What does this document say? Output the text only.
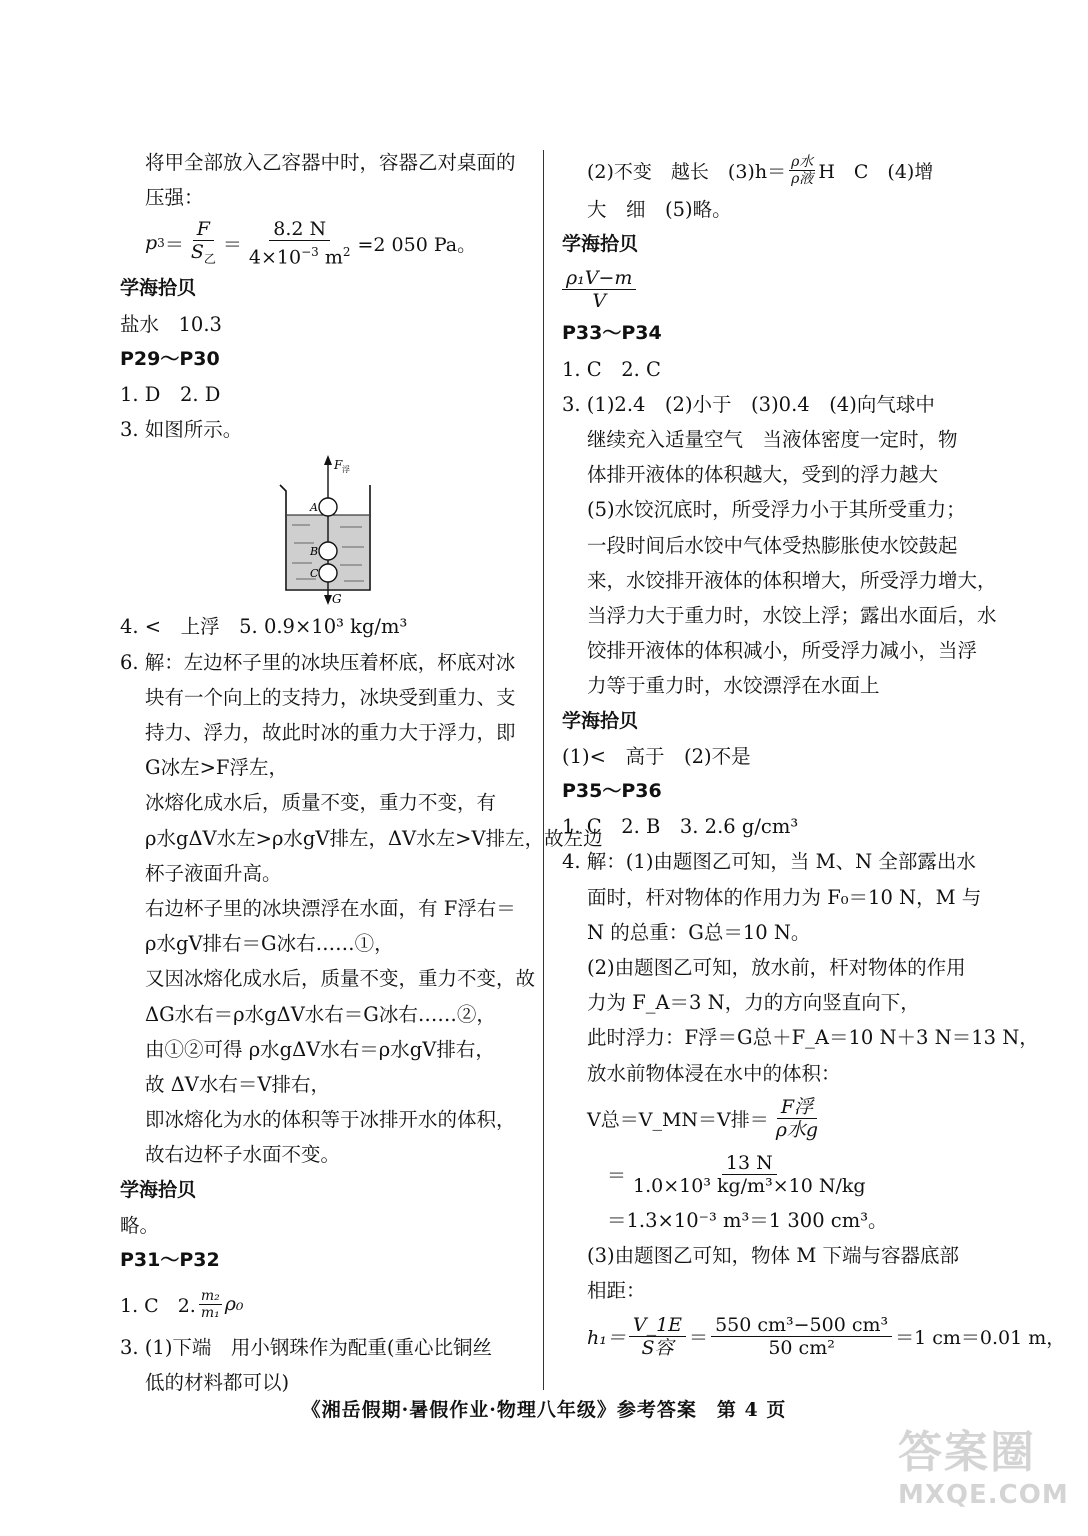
将甲全部放入乙容器中时，容器乙对桌面的
压强：
p $3 = \frac{F}{S_乙} = \frac{8.2 N}{4\times 10^{-3} m^2} =2$ 050 Pa。
学海拾贝
盐水　10.3
P29～P30
1. D　2. D
3. 如图所示。
F 浮
A
B
C
G
4. <　上浮　5. 0.9×10³ kg/m³
6. 解：左边杯子里的冰块压着杯底，杯底对冰
块有一个向上的支持力，冰块受到重力、支
持力、浮力，故此时冰的重力大于浮力，即
G冰左>F浮左，
冰熔化成水后，质量不变，重力不变，有
ρ水gΔV水左>ρ水gV排左，ΔV水左>V排左，故左边
杯子液面升高。
右边杯子里的冰块漂浮在水面，有 F浮右＝
ρ水gV排右＝G冰右……①，
又因冰熔化成水后，质量不变，重力不变，故
ΔG水右＝ρ水gΔV水右＝G冰右……②，
由①②可得 ρ水gΔV水右＝ρ水gV排右，
故 ΔV水右＝V排右，
即冰熔化为水的体积等于冰排开水的体积，
故右边杯子水面不变。
学海拾贝
略。
P31～P32
1. C　2. $\frac{\text{m₂}}{\text{m₁}} \rho_0$
3. (1)下端　用小钢珠作为配重(重心比铜丝
低的材料都可以)
(2)不变　越长　$(3)h= \frac{\text{ρ水}}{\text{ρ液}}$ H　C　(4)增
大　细　(5)略。
学海拾贝
$\frac{\text{ρ₁V−m}}{V}$
P33～P34
1. C　2. C
3. (1)2.4　(2)小于　(3)0.4　(4)向气球中
继续充入适量空气　当液体密度一定时，物
体排开液体的体积越大，受到的浮力越大
(5)水饺沉底时，所受浮力小于其所受重力；
一段时间后水饺中气体受热膨胀使水饺鼓起
来，水饺排开液体的体积增大，所受浮力增大，
当浮力大于重力时，水饺上浮；露出水面后，水
饺排开液体的体积减小，所受浮力减小，当浮
力等于重力时，水饺漂浮在水面上
学海拾贝
(1)<　高于　(2)不是
P35～P36
1. C　2. B　3. 2.6 g/cm³
4. 解：(1)由题图乙可知，当 M、N 全部露出水
面时，杆对物体的作用力为 F₀＝10 N，M 与
N 的总重：G总＝10 N。
(2)由题图乙可知，放水前，杆对物体的作用
力为 F_A＝3 N，力的方向竖直向下，
此时浮力：F浮＝G总＋F_A＝10 N＋3 N＝13 N，
放水前物体浸在水中的体积：
V总＝V_MN＝V排＝ $\frac{\text{F浮}}{\text{ρ水g}}$
＝ $\frac{13 N}{\text{1.0×10³ kg/m³×10 N/kg}}$
＝1.3×10⁻³ m³＝1 300 cm³。
(3)由题图乙可知，物体 M 下端与容器底部
相距：
$h_1= \frac{V\_1E}{\text{S容}} = \frac{\text{550 cm³−500 cm³}}{\text{50 cm²}} =1$ cm＝0.01 m，
《湘岳假期·暑假作业·物理八年级》参考答案　第 4 页
答案圈
MXQE.COM
